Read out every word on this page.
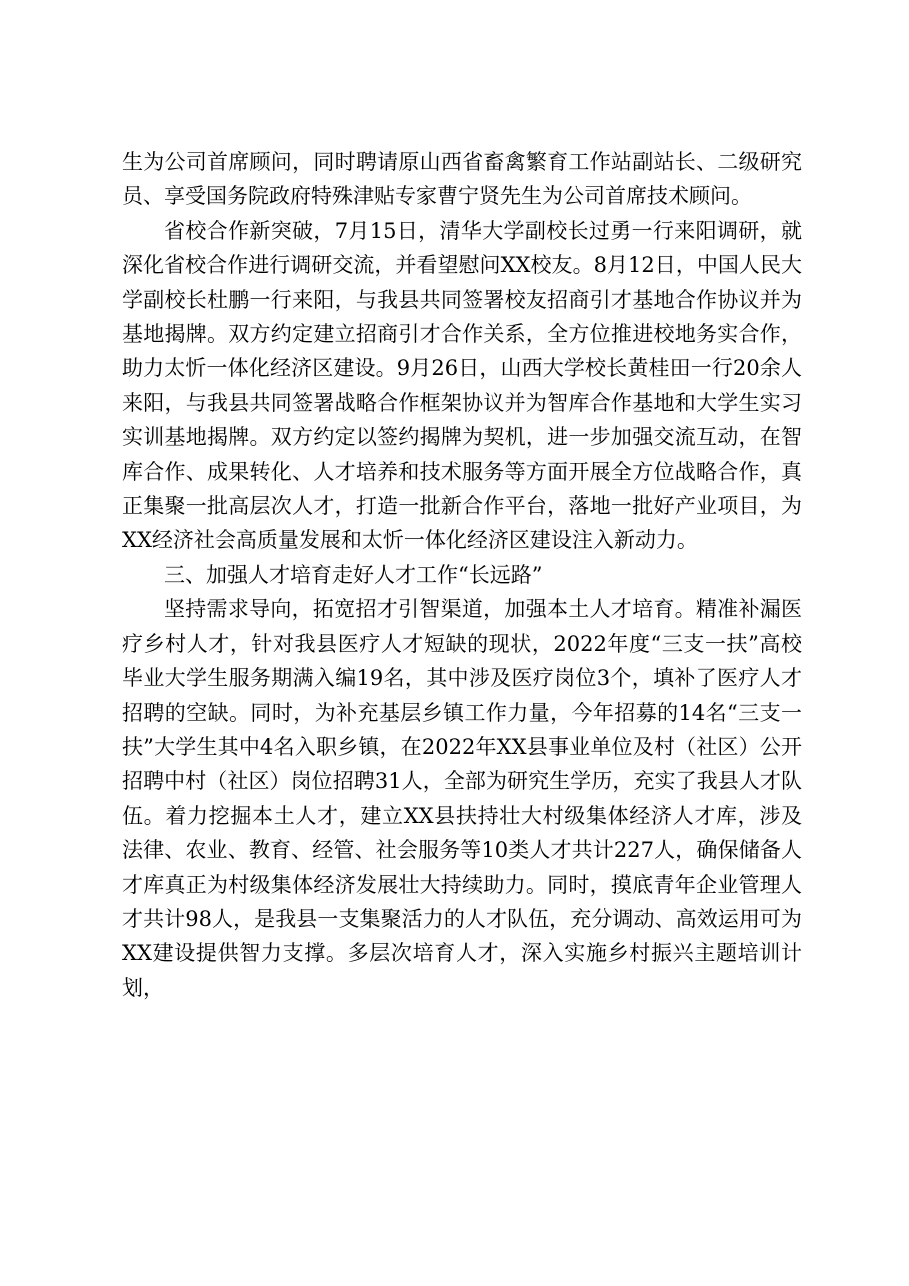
生为公司首席顾问，同时聘请原山西省畜禽繁育工作站副站长、二级研究员、享受国务院政府特殊津贴专家曹宁贤先生为公司首席技术顾问。

省校合作新突破，7月15日，清华大学副校长过勇一行来阳调研，就深化省校合作进行调研交流，并看望慰问XX校友。8月12日，中国人民大学副校长杜鹏一行来阳，与我县共同签署校友招商引才基地合作协议并为基地揭牌。双方约定建立招商引才合作关系，全方位推进校地务实合作，助力太忻一体化经济区建设。9月26日，山西大学校长黄桂田一行20余人来阳，与我县共同签署战略合作框架协议并为智库合作基地和大学生实习实训基地揭牌。双方约定以签约揭牌为契机，进一步加强交流互动，在智库合作、成果转化、人才培养和技术服务等方面开展全方位战略合作，真正集聚一批高层次人才，打造一批新合作平台，落地一批好产业项目，为XX经济社会高质量发展和太忻一体化经济区建设注入新动力。

三、加强人才培育走好人才工作“长远路”

坚持需求导向，拓宽招才引智渠道，加强本土人才培育。精准补漏医疗乡村人才，针对我县医疗人才短缺的现状，2022年度“三支一扶”高校毕业大学生服务期满入编19名，其中涉及医疗岗位3个，填补了医疗人才招聘的空缺。同时，为补充基层乡镇工作力量，今年招募的14名“三支一扶”大学生其中4名入职乡镇，在2022年XX县事业单位及村（社区）公开招聘中村（社区）岗位招聘31人，全部为研究生学历，充实了我县人才队伍。着力挖掘本土人才，建立XX县扶持壮大村级集体经济人才库，涉及法律、农业、教育、经管、社会服务等10类人才共计227人，确保储备人才库真正为村级集体经济发展壮大持续助力。同时，摸底青年企业管理人才共计98人，是我县一支集聚活力的人才队伍，充分调动、高效运用可为XX建设提供智力支撑。多层次培育人才，深入实施乡村振兴主题培训计划，
